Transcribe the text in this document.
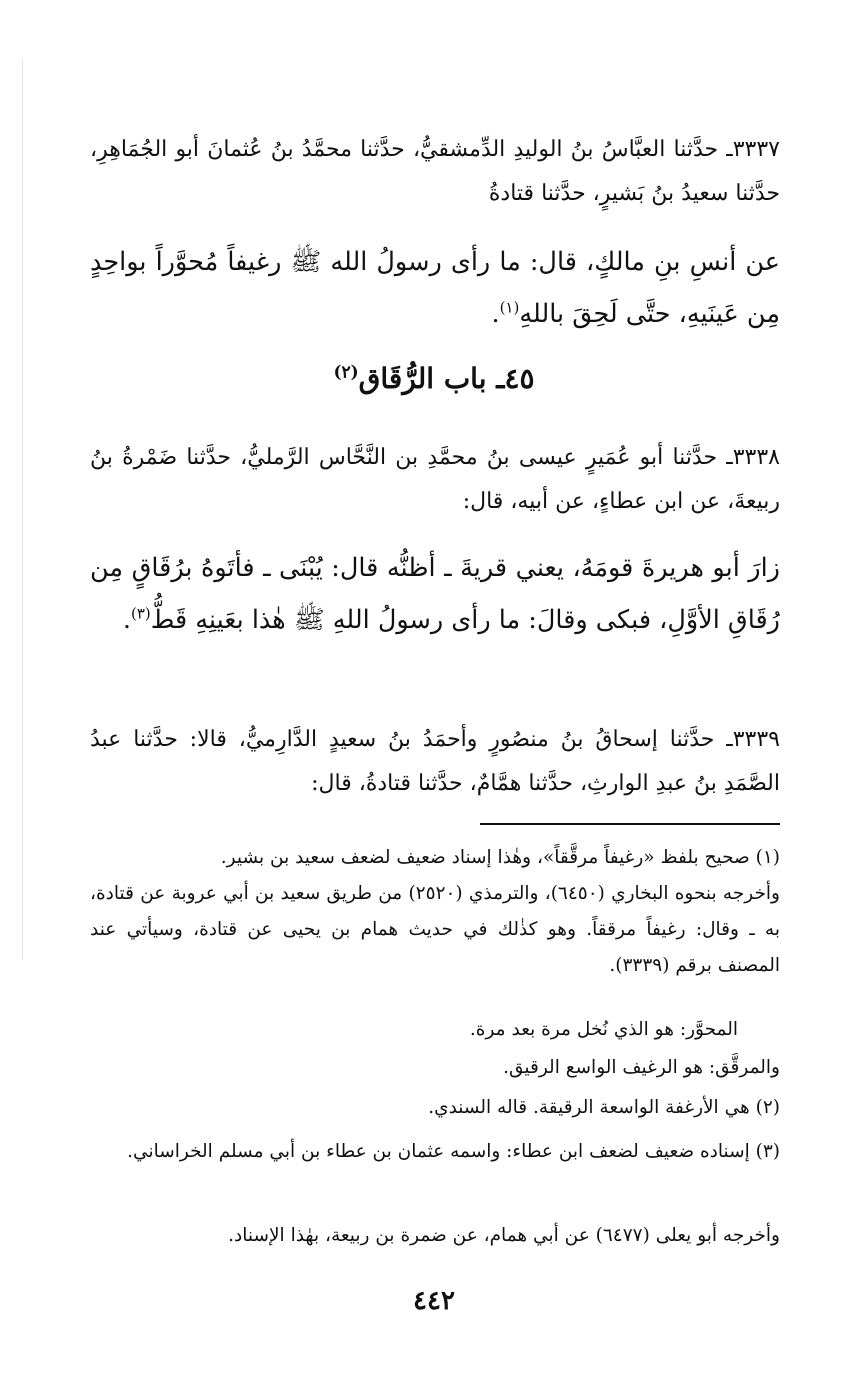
٣٣٣٧ـ حدَّثنا العبَّاسُ بنُ الوليدِ الدِّمشقيُّ، حدَّثنا محمَّدُ بنُ عُثمانَ أبو الجُمَاهِرِ، حدَّثنا سعيدُ بنُ بَشيرٍ، حدَّثنا قتادةُ

عن أنسِ بنِ مالكٍ، قال: ما رأى رسولُ الله ﷺ رغيفاً مُحوَّراً بواحِدٍ مِن عَينَيهِ، حتَّى لَحِقَ باللهِ$^{(١)}$.

٤٥ـ باب الرُّقَاق$^{(٢)}$

٣٣٣٨ـ حدَّثنا أبو عُمَيرٍ عيسى بنُ محمَّدِ بن النَّحَّاس الرَّمليُّ، حدَّثنا ضَمْرةُ بنُ ربيعةَ، عن ابن عطاءٍ، عن أبيه، قال:

زارَ أبو هريرةَ قومَهُ، يعني قريةَ ـ أظنُّه قال: يُبْنَى ـ فأتَوهُ برُقَاقٍ مِن رُقَاقِ الأوَّلِ، فبكى وقالَ: ما رأى رسولُ اللهِ ﷺ هٰذا بعَينِهِ قَطُّ$^{(٣)}$.

٣٣٣٩ـ حدَّثنا إسحاقُ بنُ منصُورٍ وأحمَدُ بنُ سعيدٍ الدَّارِميُّ، قالا: حدَّثنا عبدُ الصَّمَدِ بنُ عبدِ الوارثِ، حدَّثنا همَّامٌ، حدَّثنا قتادةُ، قال:

(١) صحيح بلفظ «رغيفاً مرقَّقاً»، وهٰذا إسناد ضعيف لضعف سعيد بن بشير.

وأخرجه بنحوه البخاري (٦٤٥٠)، والترمذي (٢٥٢٠) من طريق سعيد بن أبي عروبة عن قتادة، به ـ وقال: رغيفاً مرققاً. وهو كذٰلك في حديث همام بن يحيى عن قتادة، وسيأتي عند المصنف برقم (٣٣٣٩).

المحوَّر: هو الذي نُخل مرة بعد مرة.

والمرقَّق: هو الرغيف الواسع الرقيق.

(٢) هي الأرغفة الواسعة الرقيقة. قاله السندي.

(٣) إسناده ضعيف لضعف ابن عطاء: واسمه عثمان بن عطاء بن أبي مسلم الخراساني.

وأخرجه أبو يعلى (٦٤٧٧) عن أبي همام، عن ضمرة بن ربيعة، بهٰذا الإسناد.

٤٤٢
